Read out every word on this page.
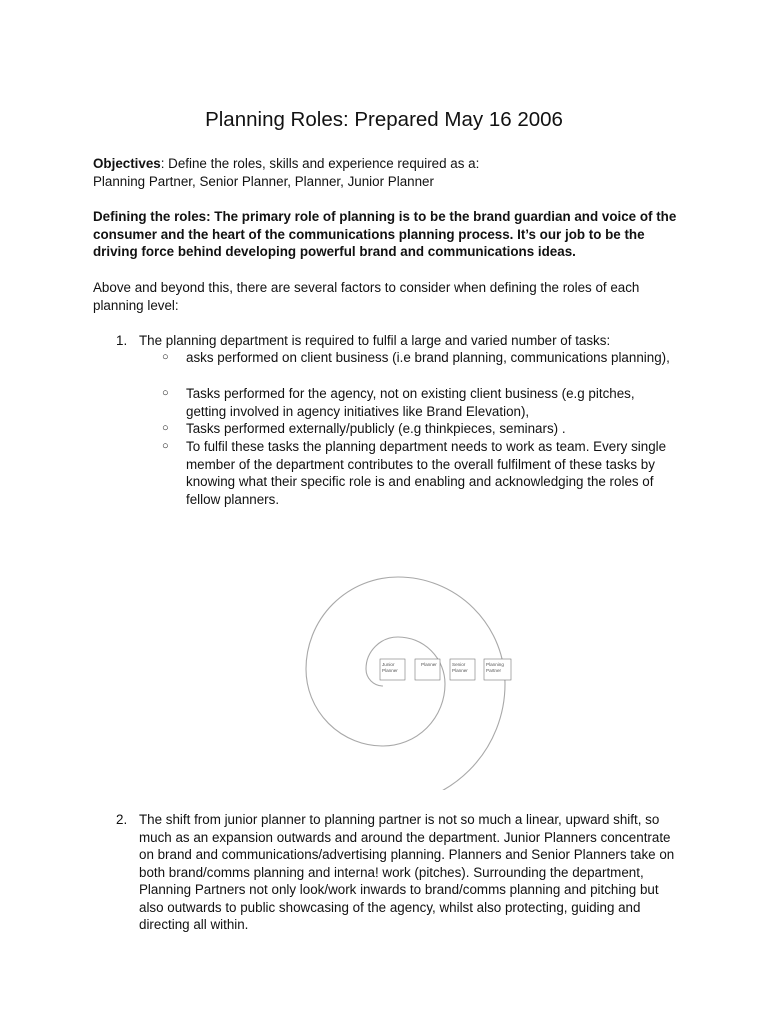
Planning Roles: Prepared May 16 2006
Objectives: Define the roles, skills and experience required as a:
Planning Partner, Senior Planner, Planner, Junior Planner
Defining the roles: The primary role of planning is to be the brand guardian and voice of the consumer and the heart of the communications planning process. It’s our job to be the driving force behind developing powerful brand and communications ideas.
Above and beyond this, there are several factors to consider when defining the roles of each planning level:
1. The planning department is required to fulfil a large and varied number of tasks:
○ asks performed on client business (i.e brand planning, communications planning),
○ Tasks performed for the agency, not on existing client business (e.g pitches, getting involved in agency initiatives like Brand Elevation),
○ Tasks performed externally/publicly (e.g thinkpieces, seminars) .
○ To fulfil these tasks the planning department needs to work as team. Every single member of the department contributes to the overall fulfilment of these tasks by knowing what their specific role is and enabling and acknowledging the roles of fellow planners.
Junior
Planner
Planner	Senior
Planner
Planning
Partner
2. The shift from junior planner to planning partner is not so much a linear, upward shift, so much as an expansion outwards and around the department. Junior Planners concentrate on brand and communications/advertising planning. Planners and Senior Planners take on both brand/comms planning and interna! work (pitches). Surrounding the department, Planning Partners not only look/work inwards to brand/comms planning and pitching but also outwards to public showcasing of the agency, whilst also protecting, guiding and directing all within.
